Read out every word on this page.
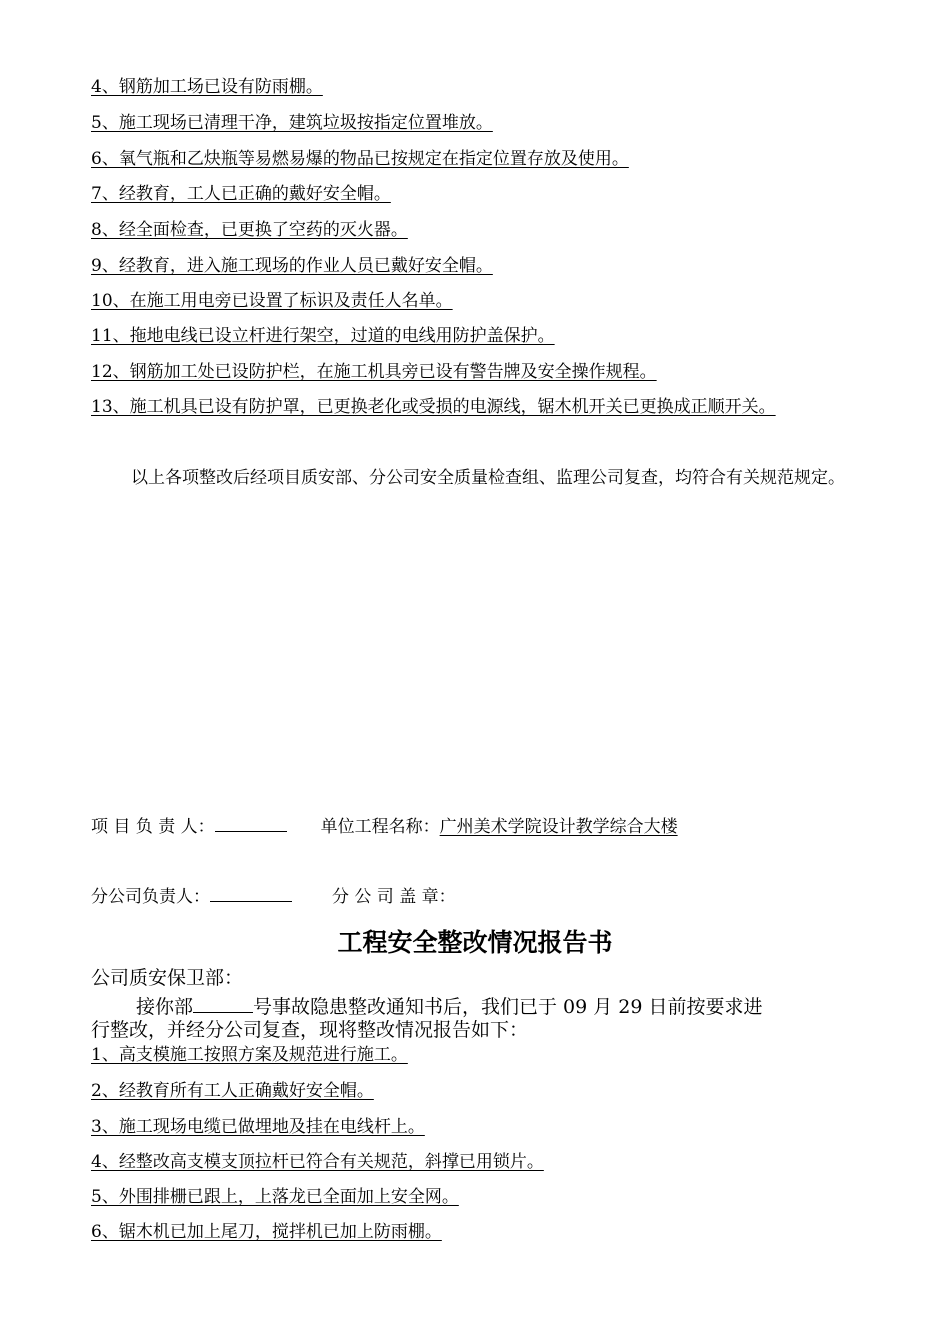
4、钢筋加工场已设有防雨棚。
5、施工现场已清理干净，建筑垃圾按指定位置堆放。
6、氧气瓶和乙炔瓶等易燃易爆的物品已按规定在指定位置存放及使用。
7、经教育，工人已正确的戴好安全帽。
8、经全面检查，已更换了空药的灭火器。
9、经教育，进入施工现场的作业人员已戴好安全帽。
10、在施工用电旁已设置了标识及责任人名单。
11、拖地电线已设立杆进行架空，过道的电线用防护盖保护。
12、钢筋加工处已设防护栏，在施工机具旁已设有警告牌及安全操作规程。
13、施工机具已设有防护罩，已更换老化或受损的电源线，锯木机开关已更换成正顺开关。
以上各项整改后经项目质安部、分公司安全质量检查组、监理公司复查，均符合有关规范规定。
项 目 负 责 人：	单位工程名称：广州美术学院设计教学综合大楼
分公司负责人：	分 公 司 盖 章：
工程安全整改情况报告书
公司质安保卫部：
接你部	号事故隐患整改通知书后，我们已于 09 月 29 日前按要求进
行整改，并经分公司复查，现将整改情况报告如下：
1、高支模施工按照方案及规范进行施工。
2、经教育所有工人正确戴好安全帽。
3、施工现场电缆已做埋地及挂在电线杆上。
4、经整改高支模支顶拉杆已符合有关规范，斜撑已用锁片。
5、外围排栅已跟上，上落龙已全面加上安全网。
6、锯木机已加上尾刀，搅拌机已加上防雨棚。
